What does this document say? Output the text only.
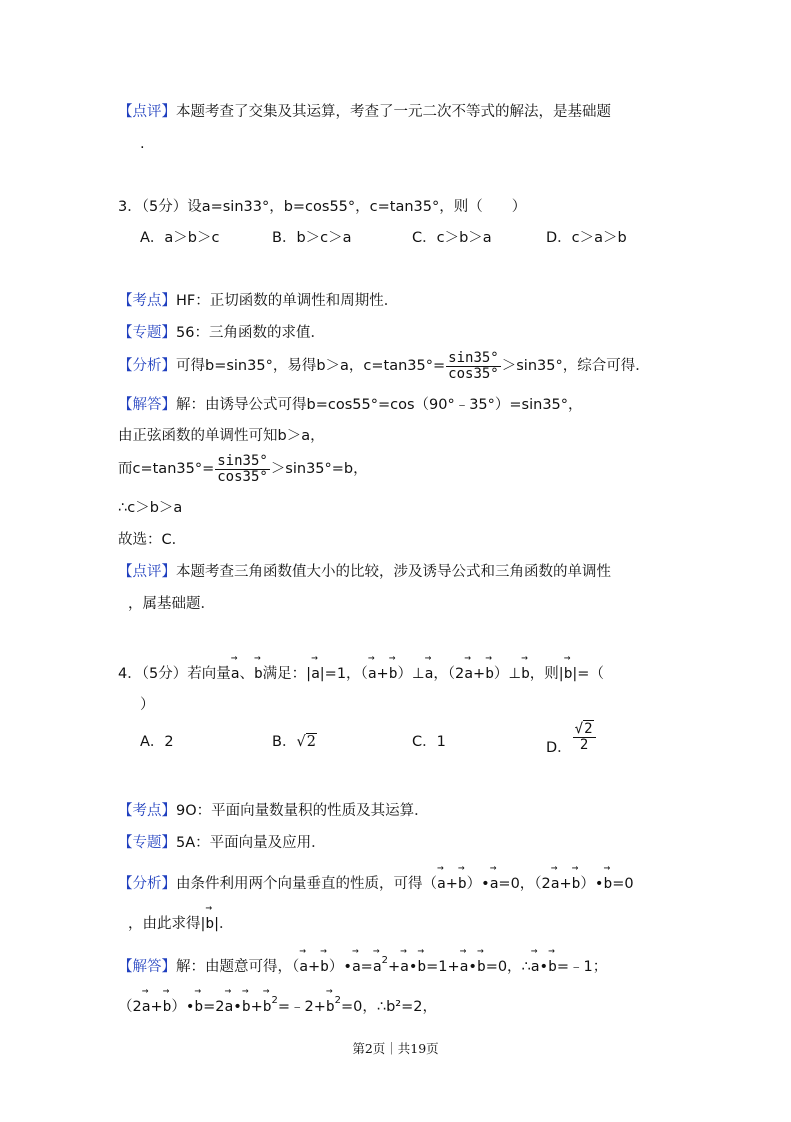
【点评】本题考查了交集及其运算，考查了一元二次不等式的解法，是基础题
.
3．（5分）设a=sin33°，b=cos55°，c=tan35°，则（　　）
A．a＞b＞c	B．b＞c＞a	C．c＞b＞a	D．c＞a＞b
【考点】HF：正切函数的单调性和周期性．
【专题】56：三角函数的求值．
【分析】可得b=sin35°，易得b＞a，$c=\tan 35^\circ= \frac{\sin 35^\circ}{\cos 35^\circ} >\sin 35^\circ$，综合可得．
【解答】解：由诱导公式可得b=cos55°=cos（90°﹣35°）=sin35°，
由正弦函数的单调性可知b＞a，
而$c=\tan 35^\circ= \frac{\sin 35^\circ}{\cos 35^\circ} >\sin 35^\circ=b$，
∴c＞b＞a
故选：C．
【点评】本题考查三角函数值大小的比较，涉及诱导公式和三角函数的单调性
，属基础题．
4．（5分）若向量→ a、→ b满足：|→ a|=1，（→ a+→ b）⊥→ a，（2→ a+→ b）⊥→ b，则|→ b|=（
）
A．2	B．√2	C．1	D． $\frac{√2}{2}$
【考点】9O：平面向量数量积的性质及其运算．
【专题】5A：平面向量及应用．
【分析】由条件利用两个向量垂直的性质，可得（→ a+→ b）•→ a=0，（2→ a+→ b）•→ b=0
，由此求得|→ b|．
【解答】解：由题意可得，（→ a+→ b）•→ $a=\to a^2+\to$ a•→ b=1+→ a•→ b=0，∴→ a•→ b=﹣1；
（2→ a+→ b）•→ b=2→ a•→ $b+\to b^2=﹣2+\to b^2=0$，∴b²=2，
第2页｜共19页
